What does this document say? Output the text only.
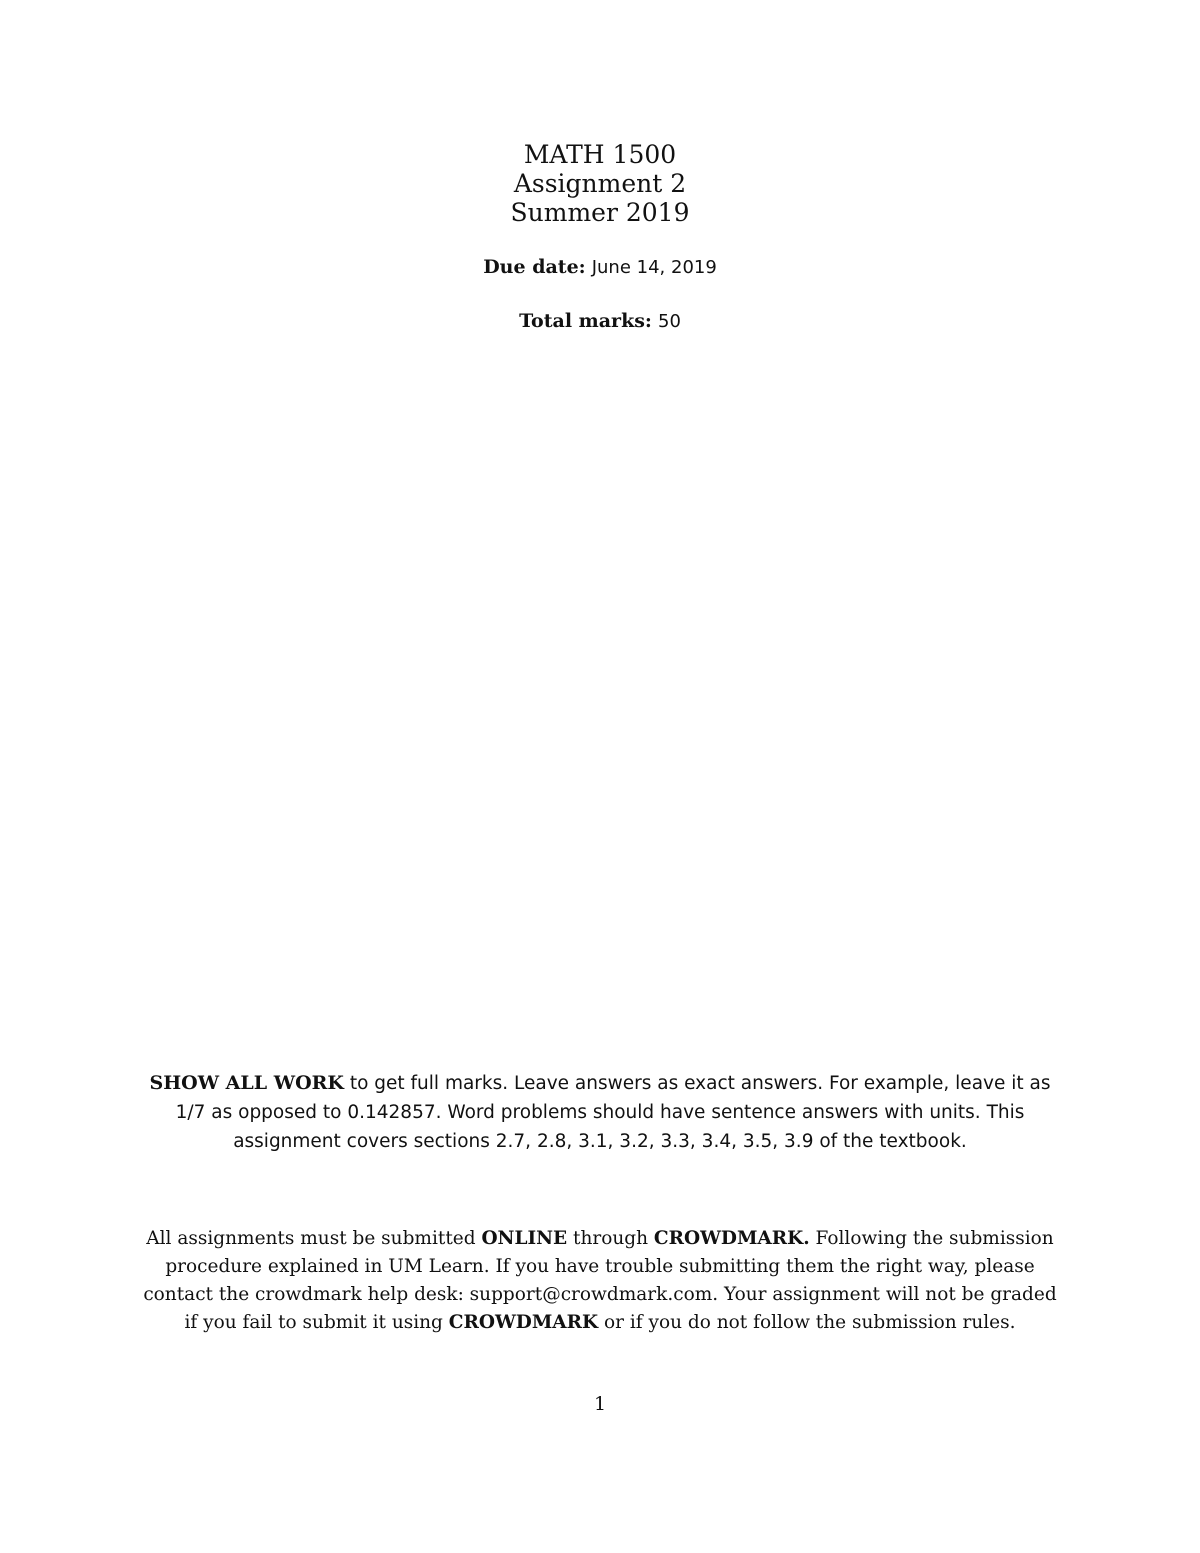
MATH 1500
Assignment 2
Summer 2019
Due date: June 14, 2019
Total marks: 50
SHOW ALL WORK to get full marks. Leave answers as exact answers. For example, leave it as 1/7 as opposed to 0.142857. Word problems should have sentence answers with units. This assignment covers sections 2.7, 2.8, 3.1, 3.2, 3.3, 3.4, 3.5, 3.9 of the textbook.
All assignments must be submitted ONLINE through CROWDMARK. Following the submission procedure explained in UM Learn. If you have trouble submitting them the right way, please contact the crowdmark help desk: support@crowdmark.com. Your assignment will not be graded if you fail to submit it using CROWDMARK or if you do not follow the submission rules.
1
